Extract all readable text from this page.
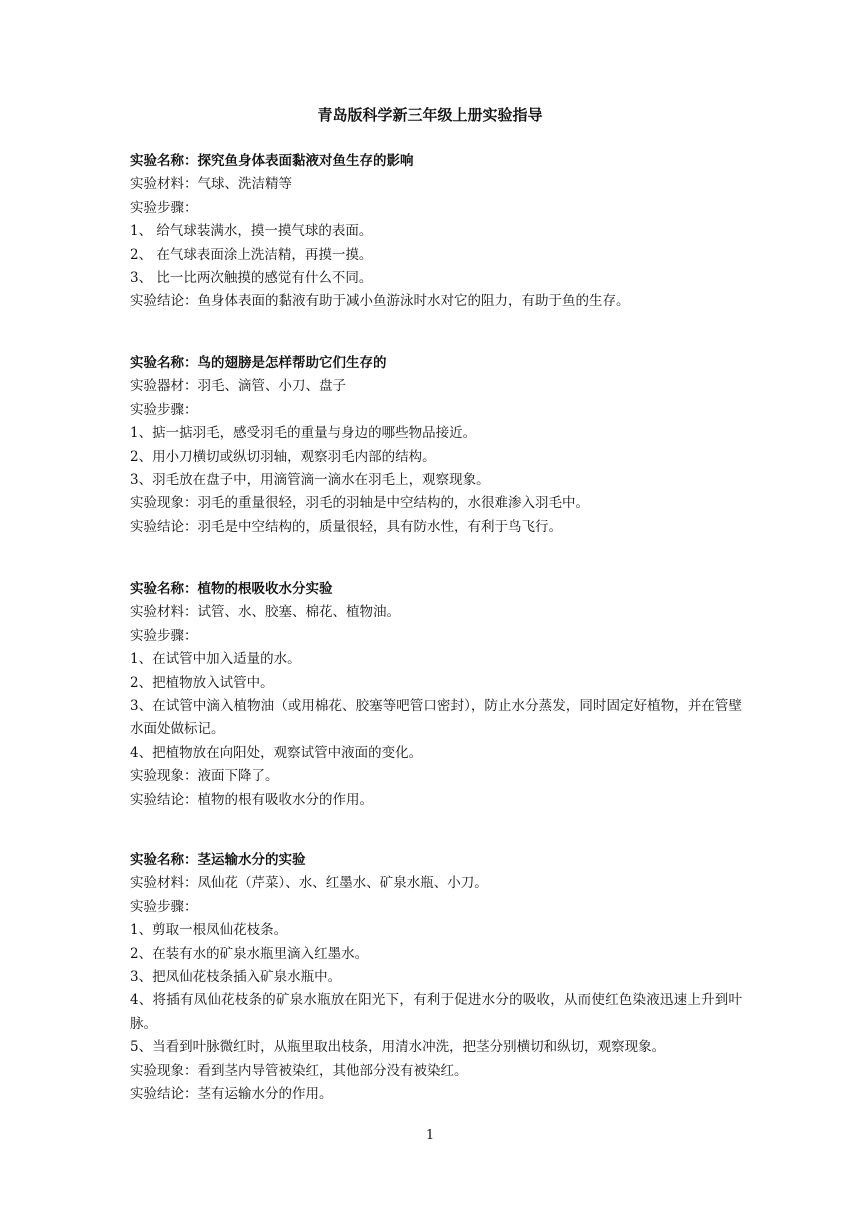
青岛版科学新三年级上册实验指导
实验名称：探究鱼身体表面黏液对鱼生存的影响
实验材料：气球、洗洁精等
实验步骤：
1、 给气球装满水，摸一摸气球的表面。
2、 在气球表面涂上洗洁精，再摸一摸。
3、 比一比两次触摸的感觉有什么不同。
实验结论：鱼身体表面的黏液有助于减小鱼游泳时水对它的阻力，有助于鱼的生存。
实验名称：鸟的翅膀是怎样帮助它们生存的
实验器材：羽毛、滴管、小刀、盘子
实验步骤：
1、掂一掂羽毛，感受羽毛的重量与身边的哪些物品接近。
2、用小刀横切或纵切羽轴，观察羽毛内部的结构。
3、羽毛放在盘子中，用滴管滴一滴水在羽毛上，观察现象。
实验现象：羽毛的重量很轻，羽毛的羽轴是中空结构的，水很难渗入羽毛中。
实验结论：羽毛是中空结构的，质量很轻，具有防水性，有利于鸟飞行。
实验名称：植物的根吸收水分实验
实验材料：试管、水、胶塞、棉花、植物油。
实验步骤：
1、在试管中加入适量的水。
2、把植物放入试管中。
3、在试管中滴入植物油（或用棉花、胶塞等吧管口密封），防止水分蒸发，同时固定好植物，并在管壁水面处做标记。
4、把植物放在向阳处，观察试管中液面的变化。
实验现象：液面下降了。
实验结论：植物的根有吸收水分的作用。
实验名称：茎运输水分的实验
实验材料：凤仙花（芹菜）、水、红墨水、矿泉水瓶、小刀。
实验步骤：
1、剪取一根凤仙花枝条。
2、在装有水的矿泉水瓶里滴入红墨水。
3、把凤仙花枝条插入矿泉水瓶中。
4、将插有凤仙花枝条的矿泉水瓶放在阳光下，有利于促进水分的吸收，从而使红色染液迅速上升到叶脉。
5、当看到叶脉微红时，从瓶里取出枝条，用清水冲洗，把茎分别横切和纵切，观察现象。
实验现象：看到茎内导管被染红，其他部分没有被染红。
实验结论：茎有运输水分的作用。
1
